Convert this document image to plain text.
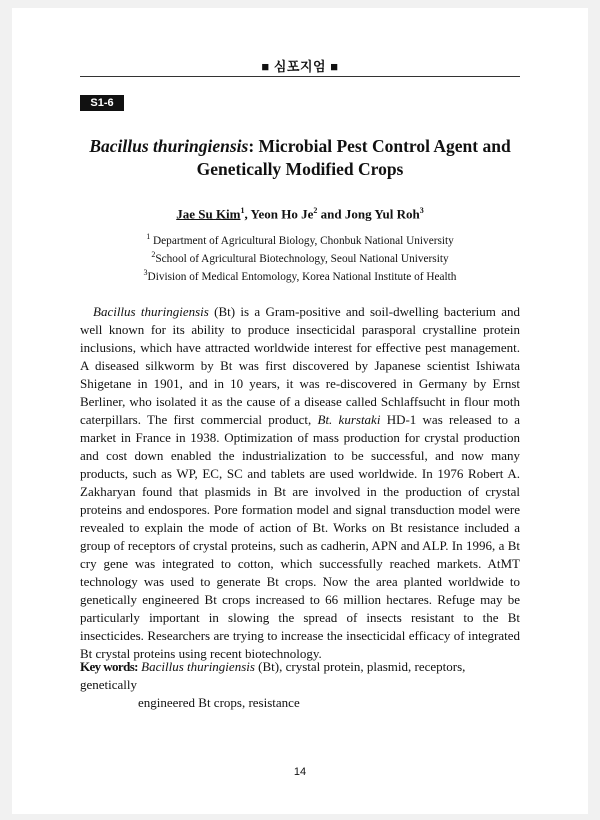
■ 심포지엄 ■
S1-6
Bacillus thuringiensis: Microbial Pest Control Agent and
Genetically Modified Crops
Jae Su Kim$^1$, Yeon Ho Je$^2$ and Jong Yul Roh$^3$
$^1$ Department of Agricultural Biology, Chonbuk National University
$^2$School of Agricultural Biotechnology, Seoul National University
$^3$Division of Medical Entomology, Korea National Institute of Health

Bacillus thuringiensis (Bt) is a Gram-positive and soil-dwelling bacterium and well known for its ability to produce insecticidal parasporal crystalline protein inclusions, which have attracted worldwide interest for effective pest management. A diseased silkworm by Bt was first discovered by Japanese scientist Ishiwata Shigetane in 1901, and in 10 years, it was re-discovered in Germany by Ernst Berliner, who isolated it as the cause of a disease called Schlaffsucht in flour moth caterpillars. The first commercial product, Bt. kurstaki HD-1 was released to a market in France in 1938. Optimization of mass production for crystal production and cost down enabled the industrialization to be successful, and now many products, such as WP, EC, SC and tablets are used worldwide. In 1976 Robert A. Zakharyan found that plasmids in Bt are involved in the production of crystal proteins and endospores. Pore formation model and signal transduction model were revealed to explain the mode of action of Bt. Works on Bt resistance included a group of receptors of crystal proteins, such as cadherin, APN and ALP. In 1996, a Bt cry gene was integrated to cotton, which successfully reached markets. AtMT technology was used to generate Bt crops. Now the area planted worldwide to genetically engineered Bt crops increased to 66 million hectares. Refuge may be particularly important in slowing the spread of insects resistant to the Bt insecticides. Researchers are trying to increase the insecticidal efficacy of integrated Bt crystal proteins using recent biotechnology.

Key words: Bacillus thuringiensis (Bt), crystal protein, plasmid, receptors, genetically
engineered Bt crops, resistance
14
